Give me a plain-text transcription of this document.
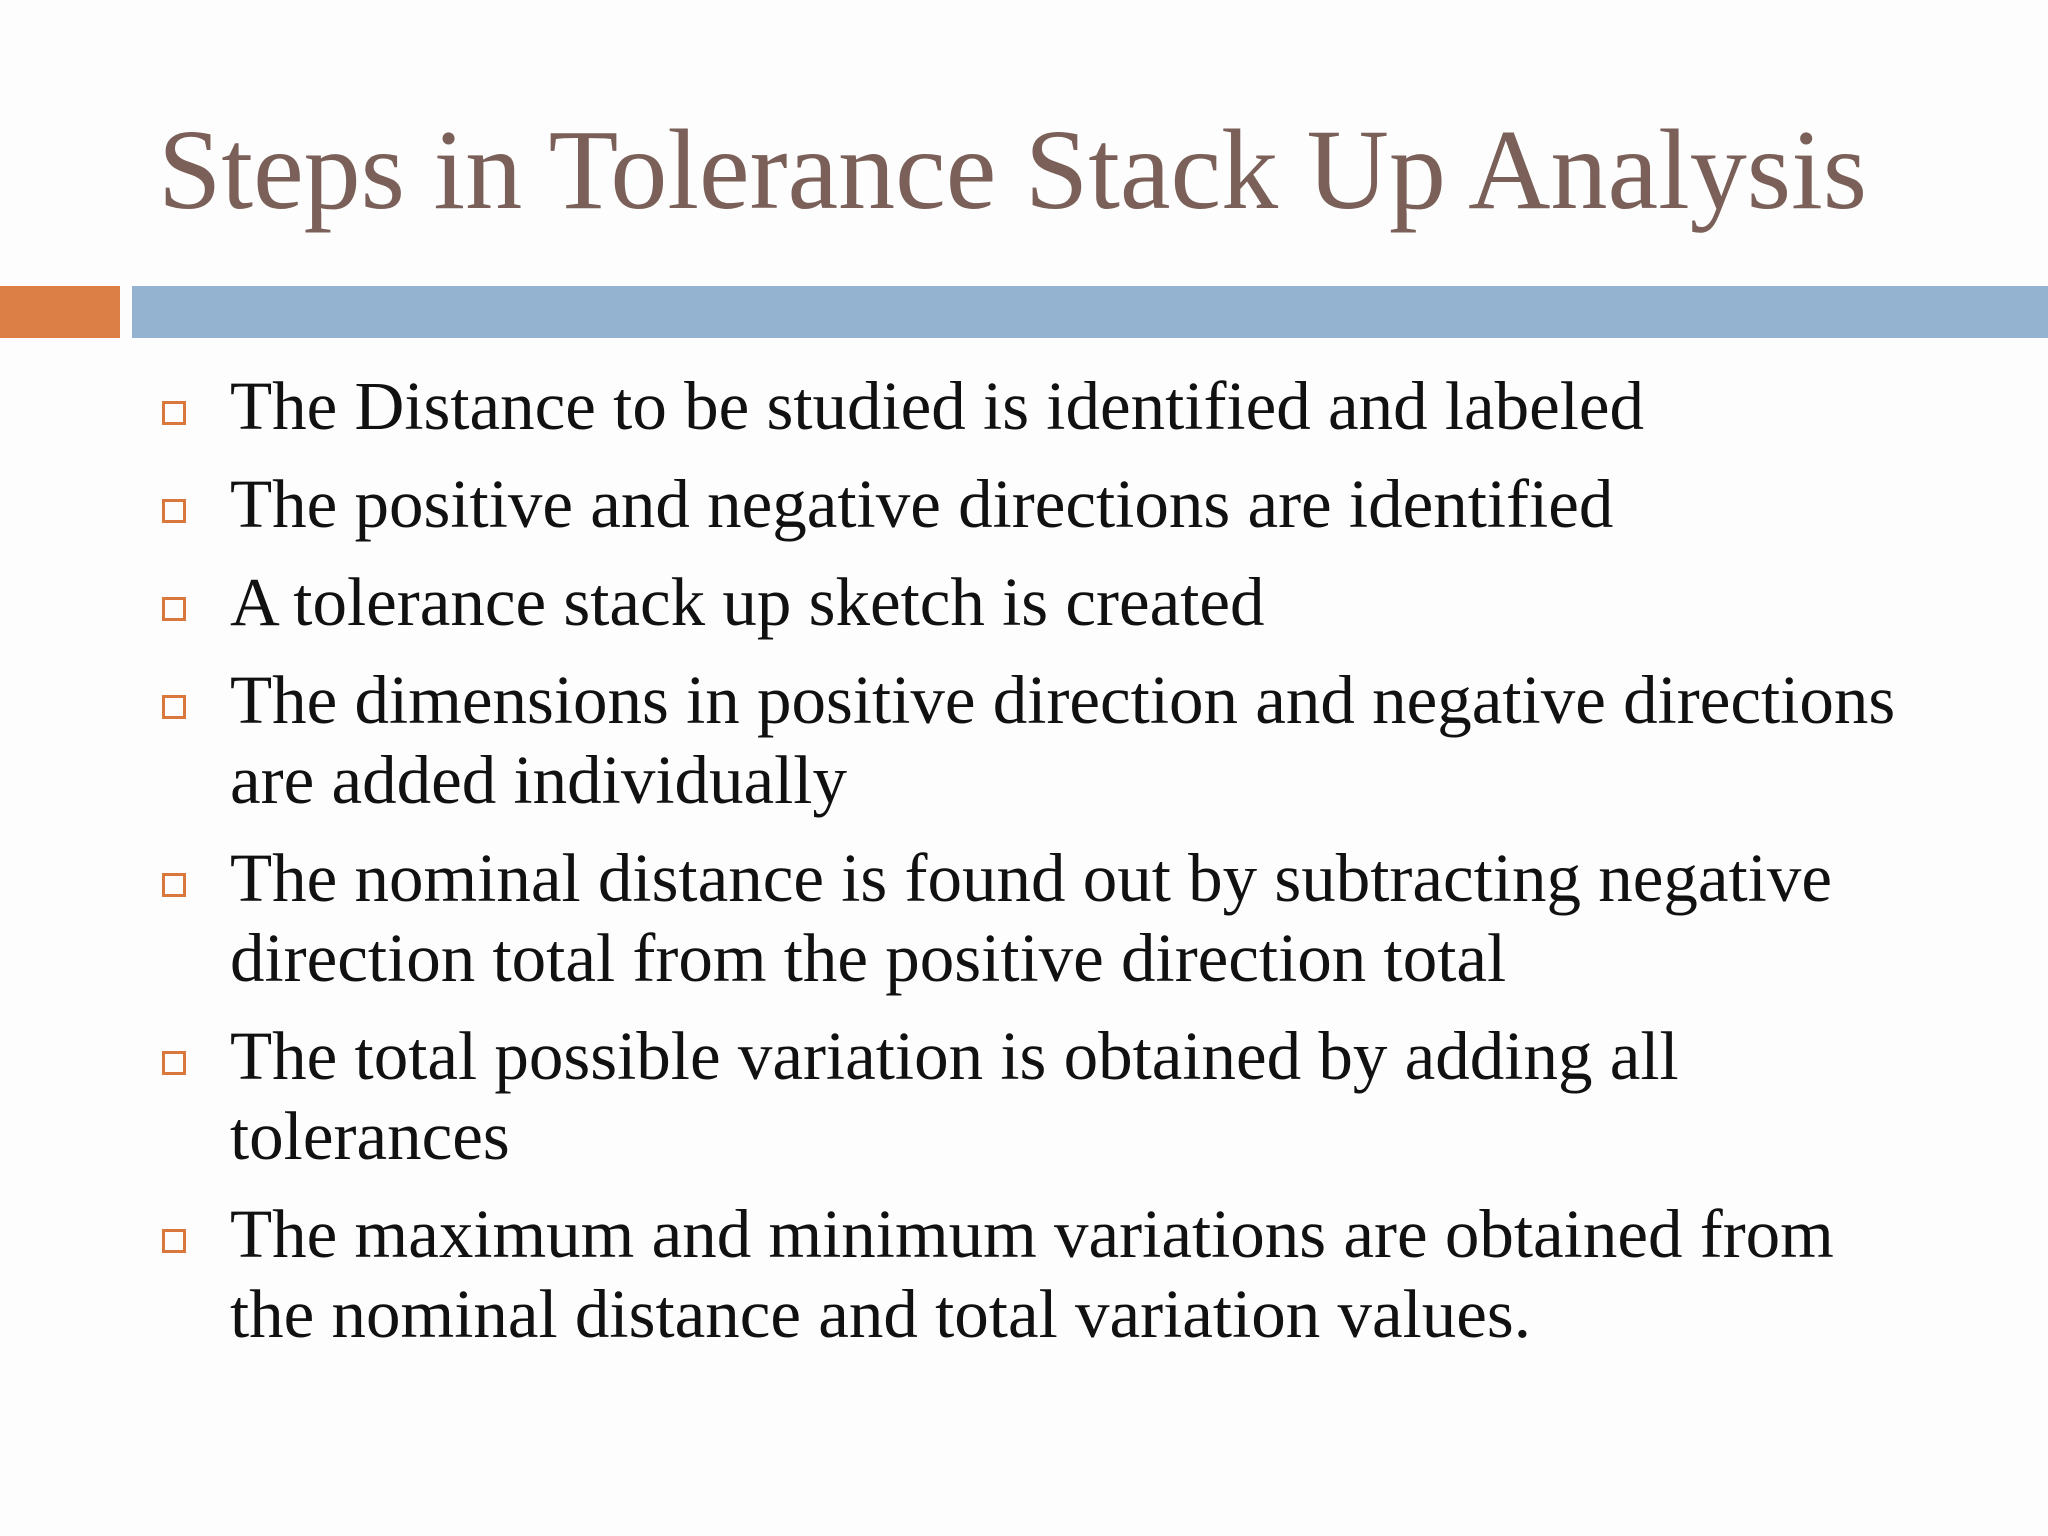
Steps in Tolerance Stack Up Analysis
The Distance to be studied is identified and labeled
The positive and negative directions are identified
A tolerance stack up sketch is created
The dimensions in positive direction and negative directions are added individually
The nominal distance is found out by subtracting negative direction total from the positive direction total
The total possible variation is obtained by adding all tolerances
The maximum and minimum variations are obtained from the nominal distance and total variation values.
